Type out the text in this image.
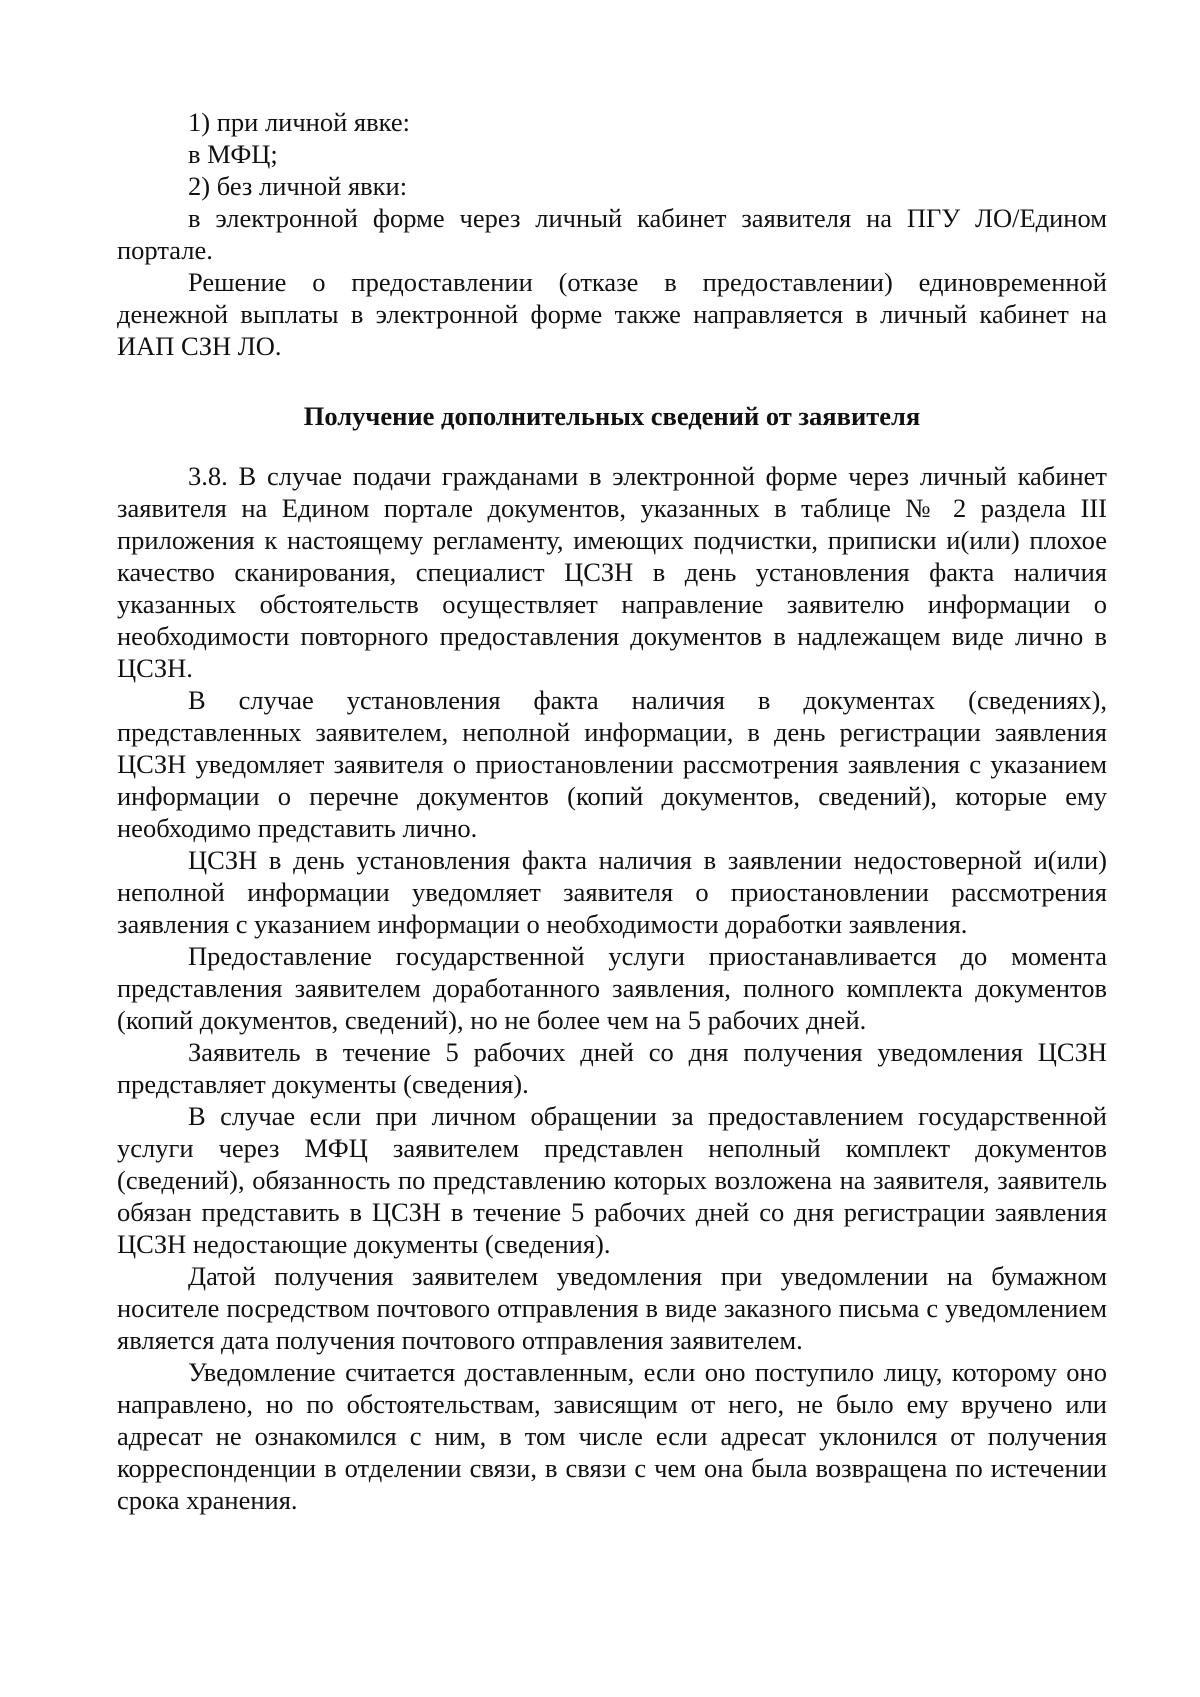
1) при личной явке:

в МФЦ;

2) без личной явки:

в электронной форме через личный кабинет заявителя на ПГУ ЛО/Едином портале.

Решение о предоставлении (отказе в предоставлении) единовременной денежной выплаты в электронной форме также направляется в личный кабинет на ИАП СЗН ЛО.

Получение дополнительных сведений от заявителя

3.8. В случае подачи гражданами в электронной форме через личный кабинет заявителя на Едином портале документов, указанных в таблице № 2 раздела III приложения к настоящему регламенту, имеющих подчистки, приписки и(или) плохое качество сканирования, специалист ЦСЗН в день установления факта наличия указанных обстоятельств осуществляет направление заявителю информации о необходимости повторного предоставления документов в надлежащем виде лично в ЦСЗН.

В случае установления факта наличия в документах (сведениях), представленных заявителем, неполной информации, в день регистрации заявления ЦСЗН уведомляет заявителя о приостановлении рассмотрения заявления с указанием информации о перечне документов (копий документов, сведений), которые ему необходимо представить лично.

ЦСЗН в день установления факта наличия в заявлении недостоверной и(или) неполной информации уведомляет заявителя о приостановлении рассмотрения заявления с указанием информации о необходимости доработки заявления.

Предоставление государственной услуги приостанавливается до момента представления заявителем доработанного заявления, полного комплекта документов (копий документов, сведений), но не более чем на 5 рабочих дней.

Заявитель в течение 5 рабочих дней со дня получения уведомления ЦСЗН представляет документы (сведения).

В случае если при личном обращении за предоставлением государственной услуги через МФЦ заявителем представлен неполный комплект документов (сведений), обязанность по представлению которых возложена на заявителя, заявитель обязан представить в ЦСЗН в течение 5 рабочих дней со дня регистрации заявления ЦСЗН недостающие документы (сведения).

Датой получения заявителем уведомления при уведомлении на бумажном носителе посредством почтового отправления в виде заказного письма с уведомлением является дата получения почтового отправления заявителем.

Уведомление считается доставленным, если оно поступило лицу, которому оно направлено, но по обстоятельствам, зависящим от него, не было ему вручено или адресат не ознакомился с ним, в том числе если адресат уклонился от получения корреспонденции в отделении связи, в связи с чем она была возвращена по истечении срока хранения.
